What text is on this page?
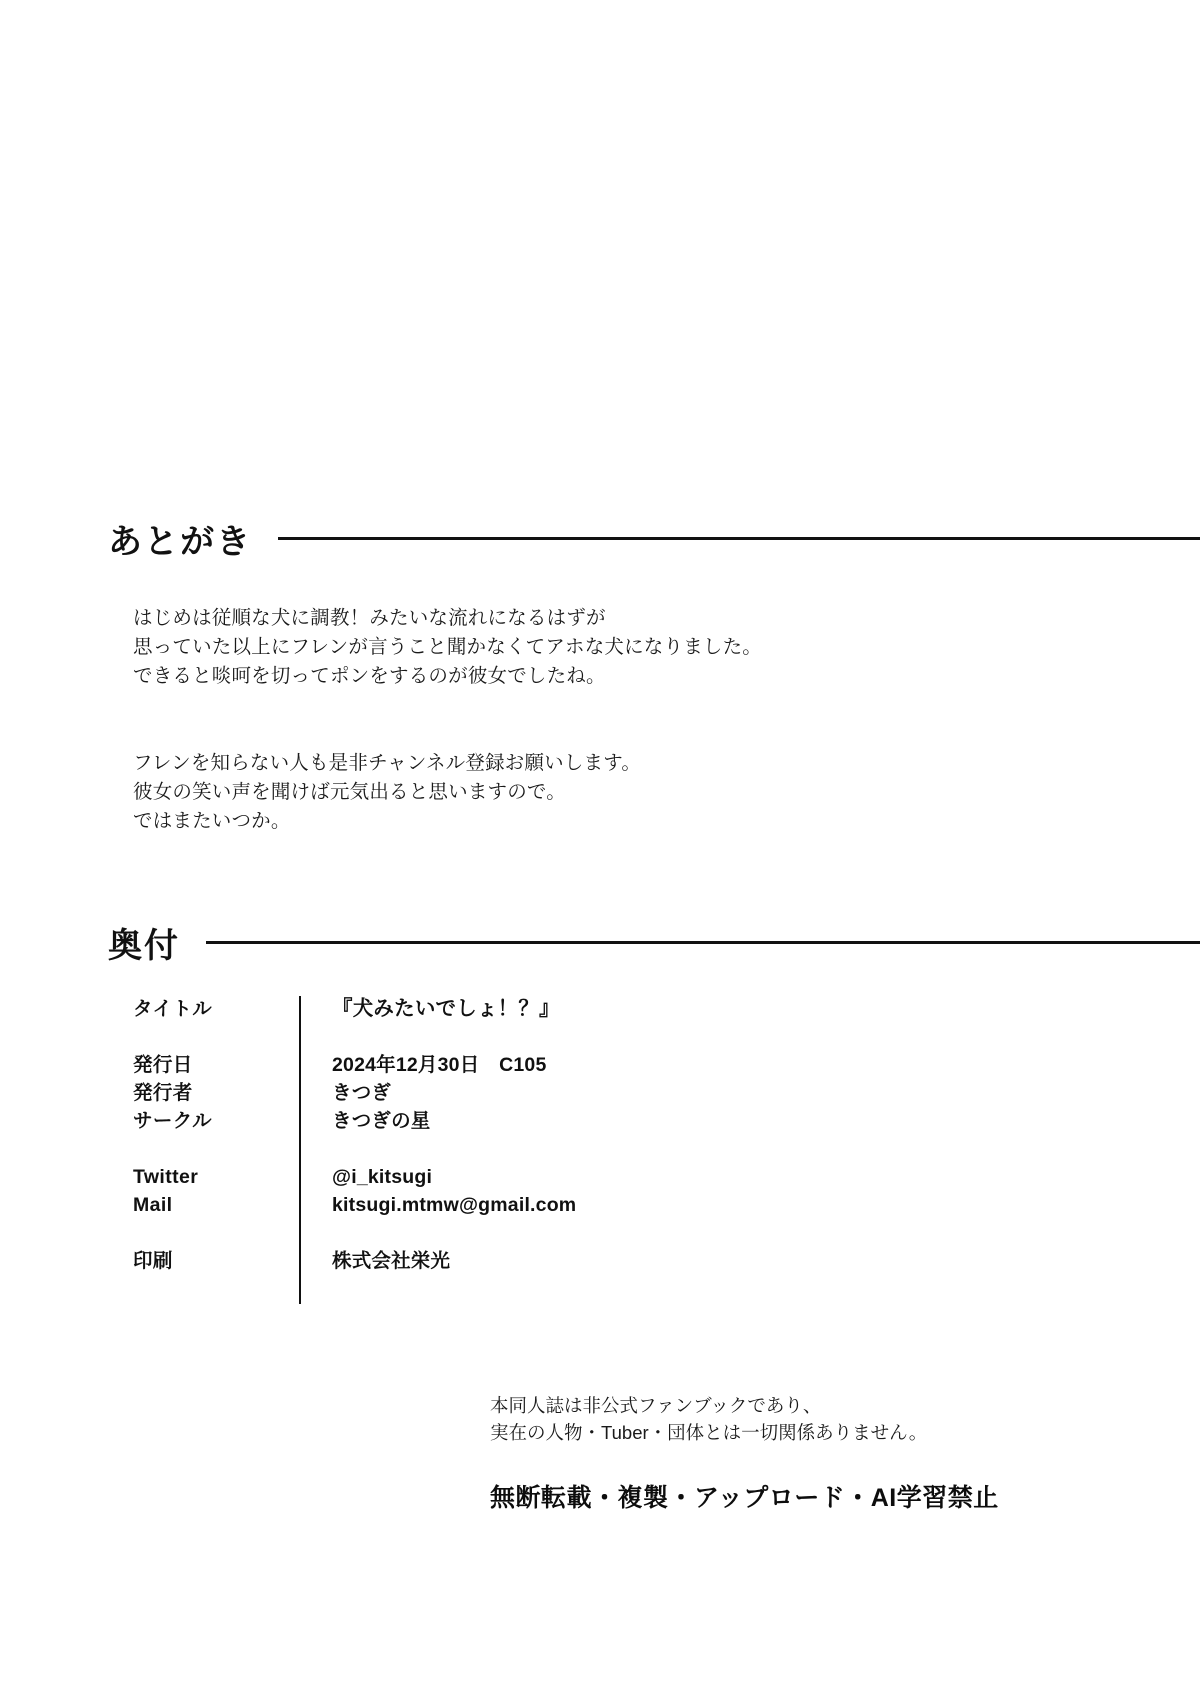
あとがき

はじめは従順な犬に調教！みたいな流れになるはずが

思っていた以上にフレンが言うこと聞かなくてアホな犬になりました。

できると啖呵を切ってポンをするのが彼女でしたね。

フレンを知らない人も是非チャンネル登録お願いします。

彼女の笑い声を聞けば元気出ると思いますので。

ではまたいつか。

奥付
タイトル	『犬みたいでしょ！？』

発行日	2024年12月30日　C105
発行者	きつぎ
サークル	きつぎの星

Twitter	@i_kitsugi
Mail	kitsugi.mtmw@gmail.com

印刷	株式会社栄光

本同人誌は非公式ファンブックであり、

実在の人物・Tuber・団体とは一切関係ありません。

無断転載・複製・アップロード・AI学習禁止
